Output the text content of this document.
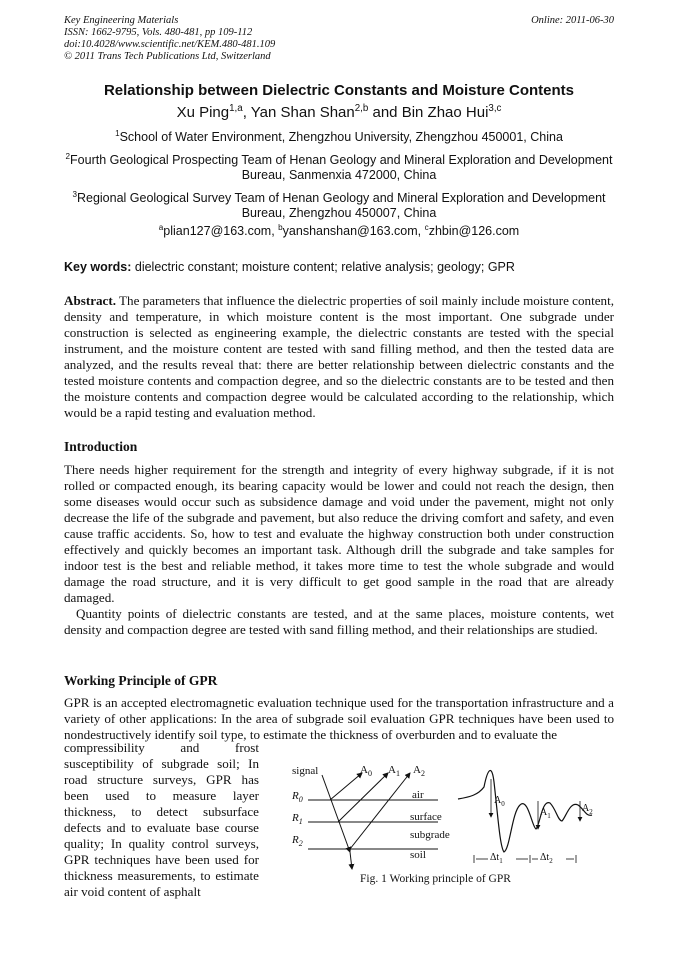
Key Engineering Materials
ISSN: 1662-9795, Vols. 480-481, pp 109-112
doi:10.4028/www.scientific.net/KEM.480-481.109
© 2011 Trans Tech Publications Ltd, Switzerland
Online: 2011-06-30
Relationship between Dielectric Constants and Moisture Contents
Xu Ping$^{1,a}$, Yan Shan Shan$^{2,b}$ and Bin Zhao Hui$^{3,c}$
$^1$School of Water Environment, Zhengzhou University, Zhengzhou 450001, China
$^2$Fourth Geological Prospecting Team of Henan Geology and Mineral Exploration and Development Bureau, Sanmenxia 472000, China
$^3$Regional Geological Survey Team of Henan Geology and Mineral Exploration and Development Bureau, Zhengzhou 450007, China
$^a$plian127@163.com, $^b$yanshanshan@163.com, $^c$zhbin@126.com
Key words: dielectric constant; moisture content; relative analysis; geology; GPR
Abstract. The parameters that influence the dielectric properties of soil mainly include moisture content, density and temperature, in which moisture content is the most important. One subgrade under construction is selected as engineering example, the dielectric constants are tested with the special instrument, and the moisture content are tested with sand filling method, and then the tested data are analyzed, and the results reveal that: there are better relationship between dielectric constants and the tested moisture contents and compaction degree, and so the dielectric constants are to be tested and then the moisture contents and compaction degree would be calculated according to the relationship, which would be a rapid testing and evaluation method.
Introduction
There needs higher requirement for the strength and integrity of every highway subgrade, if it is not rolled or compacted enough, its bearing capacity would be lower and could not reach the design, then some diseases would occur such as subsidence damage and void under the pavement, might not only decrease the life of the subgrade and pavement, but also reduce the driving comfort and safety, and even cause traffic accidents. So, how to test and evaluate the highway construction both under construction effectively and quickly becomes an important task. Although drill the subgrade and take samples for indoor test is the best and reliable method, it takes more time to test the whole subgrade and would damage the road structure, and it is very difficult to get good sample in the road that are already damaged.
Quantity points of dielectric constants are tested, and at the same places, moisture contents, wet density and compaction degree are tested with sand filling method, and their relationships are studied.
Working Principle of GPR
GPR is an accepted electromagnetic evaluation technique used for the transportation infrastructure and a variety of other applications: In the area of subgrade soil evaluation GPR techniques have been used to nondestructively identify soil type, to estimate the thickness of overburden and to evaluate the
compressibility and frost susceptibility of subgrade soil; In road structure surveys, GPR has been used to measure layer thickness, to detect subsurface defects and to evaluate base course quality; In quality control surveys, GPR techniques have been used for thickness measurements, to estimate air void content of asphalt
signal	$A_0$ $A_1$ $A_2$
$R_0$
$R_1$
$R_2$
air
surface
subgrade
soil
$A_0$
$A_1$
$A_2$
$\Delta t_1$	$\Delta t_2$
Fig. 1 Working principle of GPR
